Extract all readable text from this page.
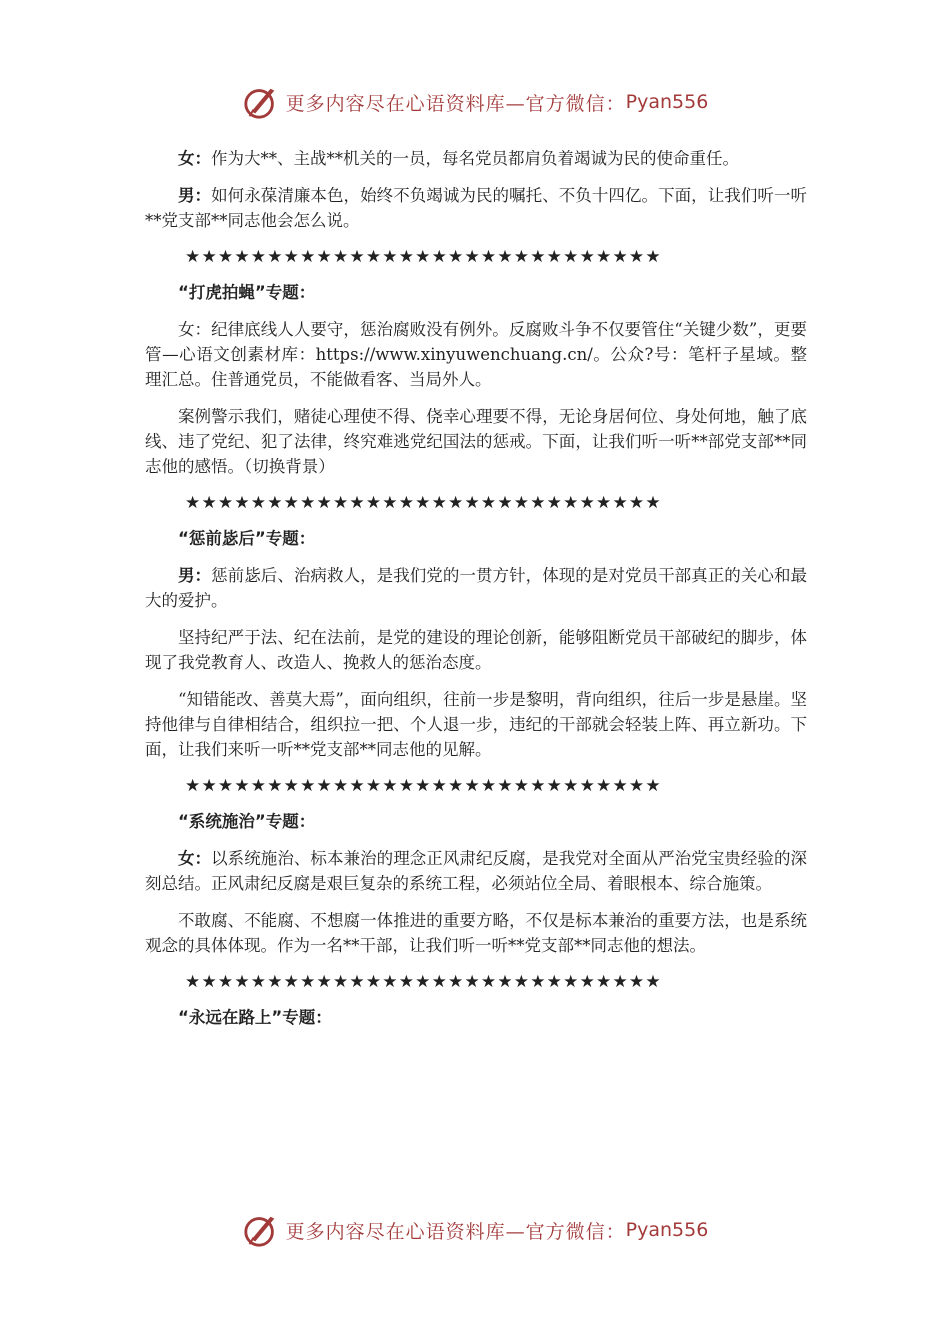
更多内容尽在心语资料库—官方微信： Pyan556
女：作为大**、主战**机关的一员，每名党员都肩负着竭诚为民的使命重任。
男：如何永葆清廉本色，始终不负竭诚为民的嘱托、不负十四亿。下面，让我们听一听**党支部**同志他会怎么说。
★★★★★★★★★★★★★★★★★★★★★★★★★★★★★
“打虎拍蝇”专题：
女：纪律底线人人要守，惩治腐败没有例外。反腐败斗争不仅要管住“关键少数”，更要管—心语文创素材库：https://www.xinyuwenchuang.cn/。公众?号：笔杆子星域。整理汇总。住普通党员，不能做看客、当局外人。
案例警示我们，赌徒心理使不得、侥幸心理要不得，无论身居何位、身处何地，触了底线、违了党纪、犯了法律，终究难逃党纪国法的惩戒。下面，让我们听一听**部党支部**同志他的感悟。（切换背景）
★★★★★★★★★★★★★★★★★★★★★★★★★★★★★
“惩前毖后”专题：
男：惩前毖后、治病救人，是我们党的一贯方针，体现的是对党员干部真正的关心和最大的爱护。
坚持纪严于法、纪在法前，是党的建设的理论创新，能够阻断党员干部破纪的脚步，体现了我党教育人、改造人、挽救人的惩治态度。
“知错能改、善莫大焉”，面向组织，往前一步是黎明，背向组织，往后一步是悬崖。坚持他律与自律相结合，组织拉一把、个人退一步，违纪的干部就会轻装上阵、再立新功。下面，让我们来听一听**党支部**同志他的见解。
★★★★★★★★★★★★★★★★★★★★★★★★★★★★★
“系统施治”专题：
女：以系统施治、标本兼治的理念正风肃纪反腐，是我党对全面从严治党宝贵经验的深刻总结。正风肃纪反腐是艰巨复杂的系统工程，必须站位全局、着眼根本、综合施策。
不敢腐、不能腐、不想腐一体推进的重要方略，不仅是标本兼治的重要方法，也是系统观念的具体体现。作为一名**干部，让我们听一听**党支部**同志他的想法。
★★★★★★★★★★★★★★★★★★★★★★★★★★★★★
“永远在路上”专题：
更多内容尽在心语资料库—官方微信： Pyan556
